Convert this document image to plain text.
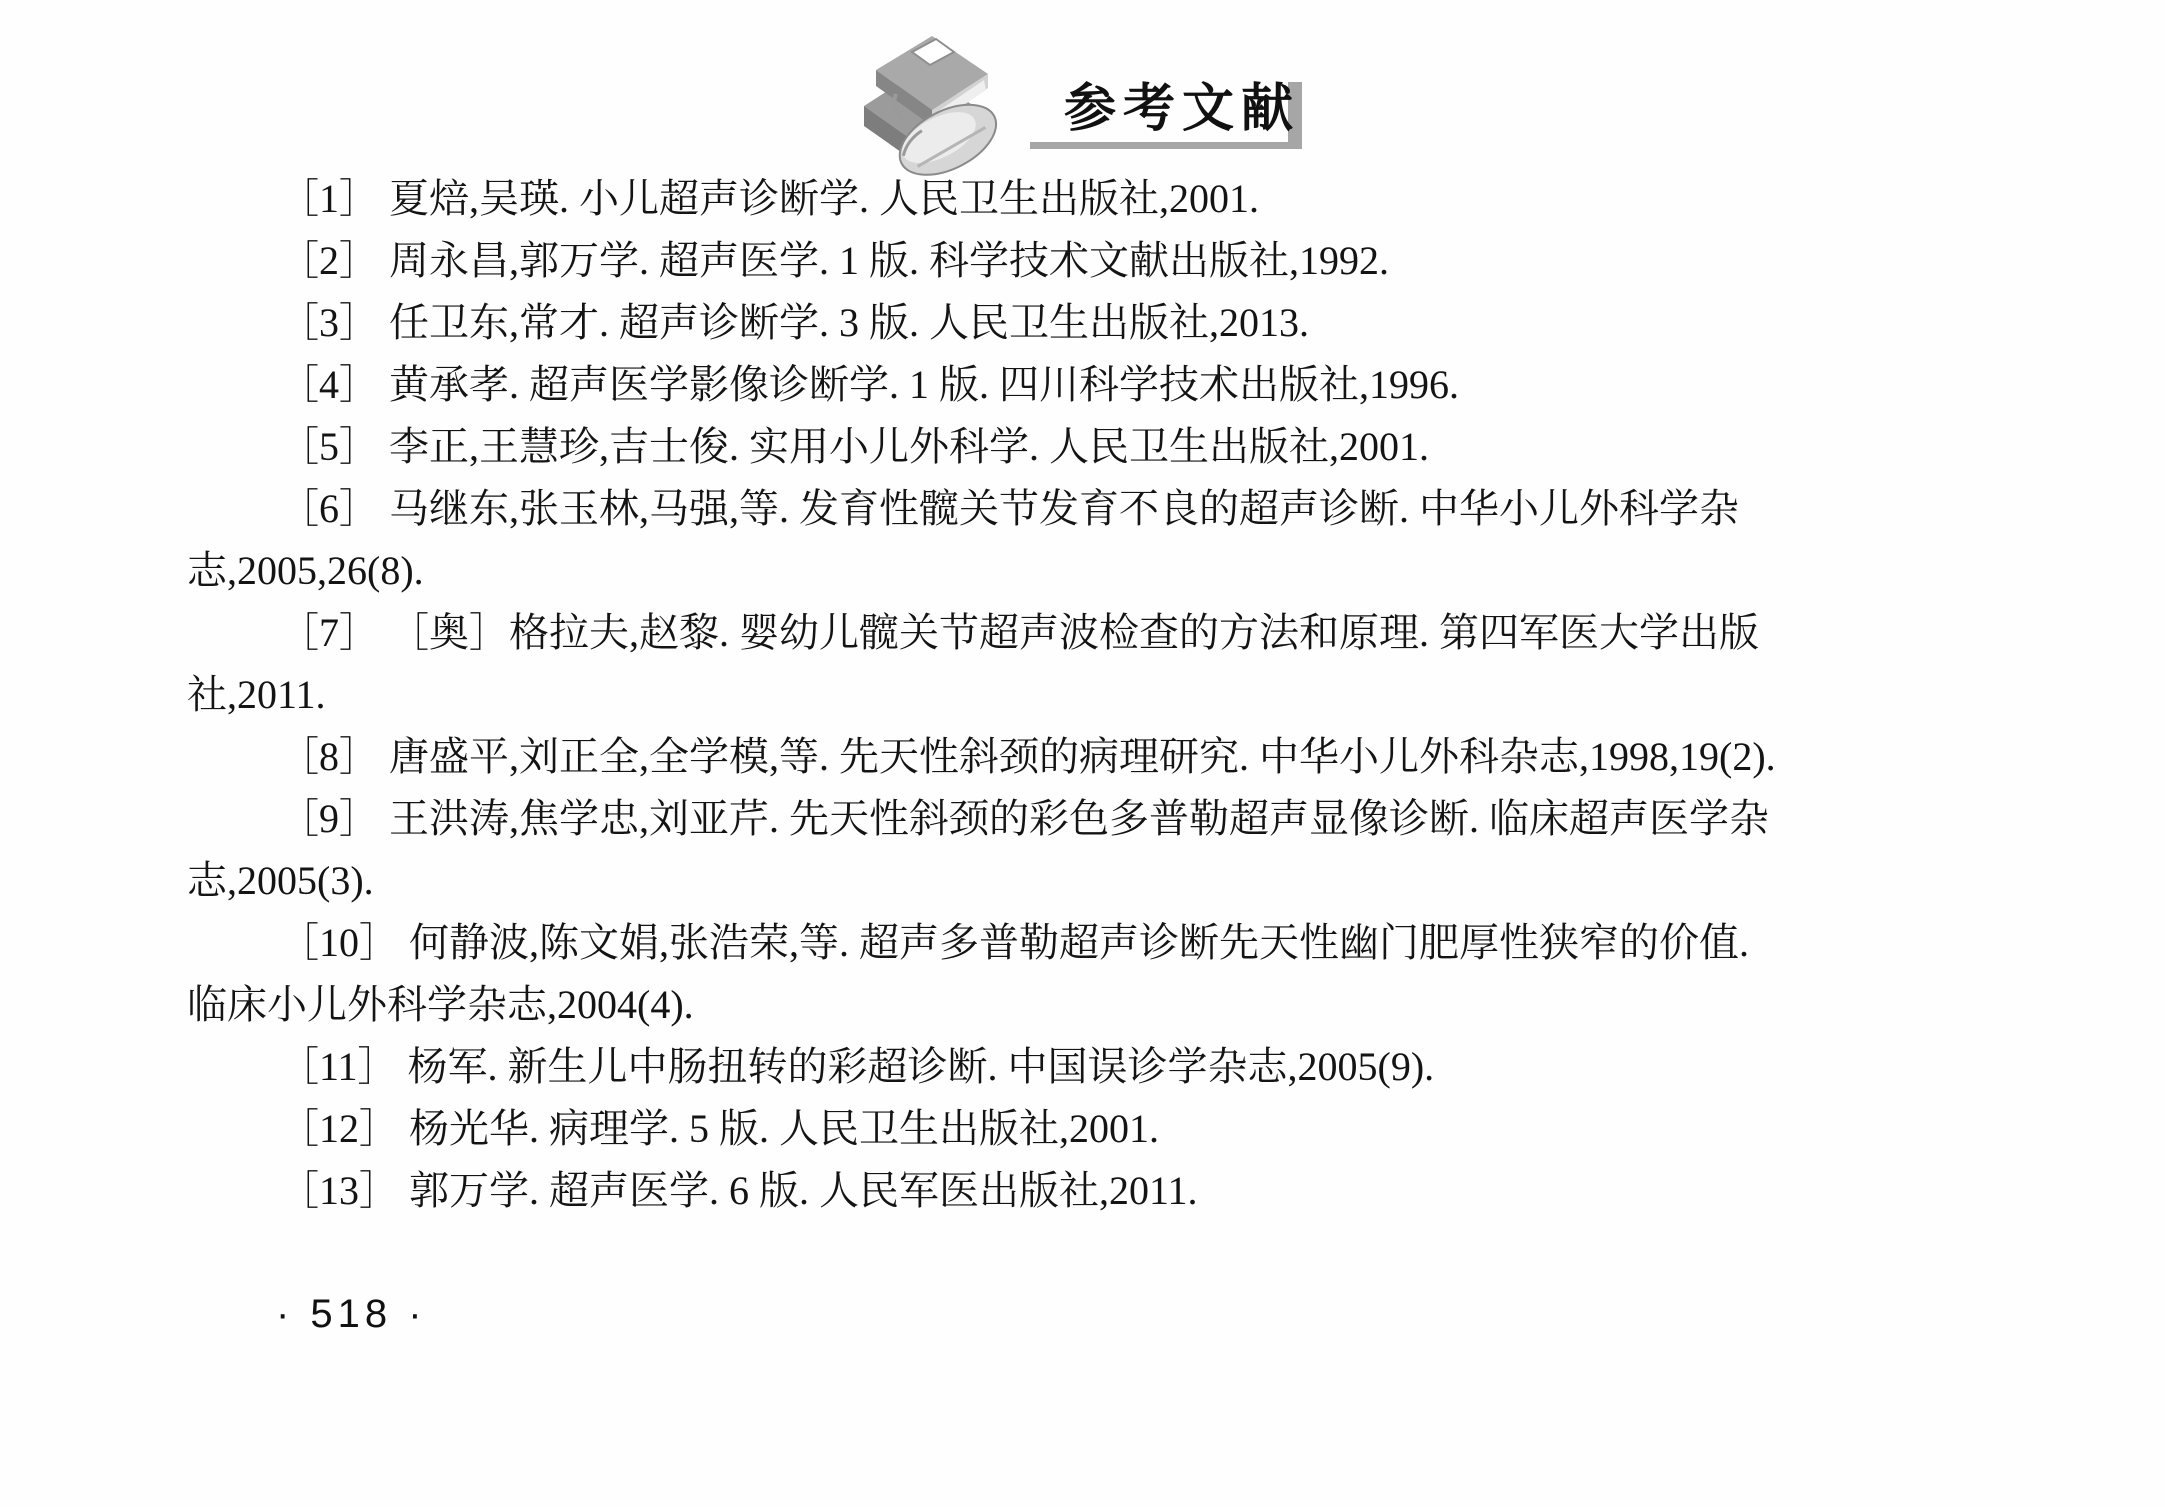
参考文献

［1］ 夏焙,吴瑛. 小儿超声诊断学. 人民卫生出版社,2001.

［2］ 周永昌,郭万学. 超声医学. 1 版. 科学技术文献出版社,1992.

［3］ 任卫东,常才. 超声诊断学. 3 版. 人民卫生出版社,2013.

［4］ 黄承孝. 超声医学影像诊断学. 1 版. 四川科学技术出版社,1996.

［5］ 李正,王慧珍,吉士俊. 实用小儿外科学. 人民卫生出版社,2001.

［6］ 马继东,张玉林,马强,等. 发育性髋关节发育不良的超声诊断. 中华小儿外科学杂
志,2005,26(8).

［7］ ［奥］格拉夫,赵黎. 婴幼儿髋关节超声波检查的方法和原理. 第四军医大学出版
社,2011.

［8］ 唐盛平,刘正全,全学模,等. 先天性斜颈的病理研究. 中华小儿外科杂志,1998,19(2).

［9］ 王洪涛,焦学忠,刘亚芹. 先天性斜颈的彩色多普勒超声显像诊断. 临床超声医学杂
志,2005(3).

［10］ 何静波,陈文娟,张浩荣,等. 超声多普勒超声诊断先天性幽门肥厚性狭窄的价值.
临床小儿外科学杂志,2004(4).

［11］ 杨军. 新生儿中肠扭转的彩超诊断. 中国误诊学杂志,2005(9).

［12］ 杨光华. 病理学. 5 版. 人民卫生出版社,2001.

［13］ 郭万学. 超声医学. 6 版. 人民军医出版社,2011.

· 518 ·
